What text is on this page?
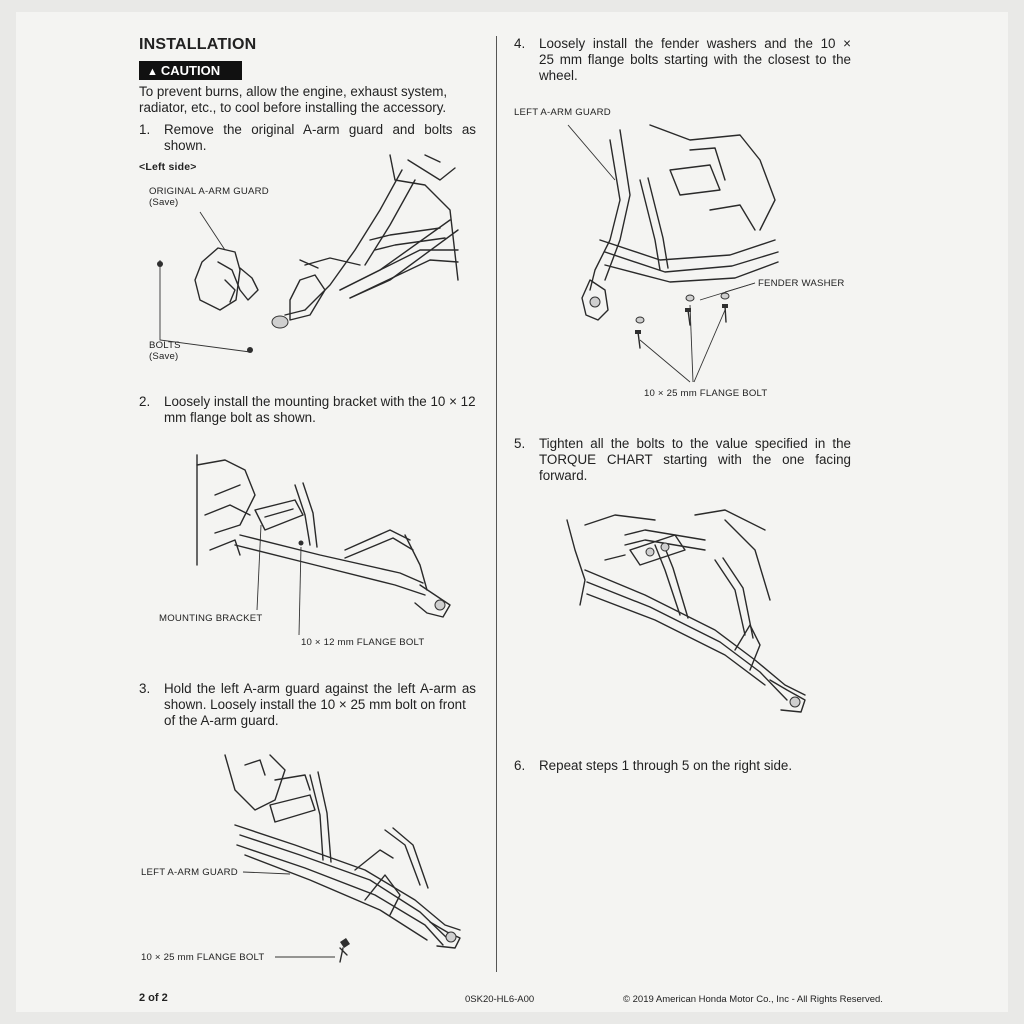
INSTALLATION
▲ CAUTION
To prevent burns, allow the engine, exhaust system,
radiator, etc., to cool before installing the accessory.
1. Remove the original A-arm guard and bolts as
shown.
<Left side>
ORIGINAL A-ARM GUARD
(Save)
BOLTS
(Save)
2. Loosely install the mounting bracket with the 10 × 12
mm flange bolt as shown.
MOUNTING BRACKET
10 × 12 mm FLANGE BOLT
3. Hold the left A-arm guard against the left A-arm as
shown. Loosely install the 10 × 25 mm bolt on front
of the A-arm guard.
LEFT A-ARM GUARD
10 × 25 mm FLANGE BOLT
4. Loosely install the fender washers and the 10 ×
25 mm flange bolts starting with the closest to the
wheel.
LEFT A-ARM GUARD
FENDER WASHER
10 × 25 mm FLANGE BOLT
5. Tighten all the bolts to the value specified in the
TORQUE CHART starting with the one facing
forward.
6. Repeat steps 1 through 5 on the right side.
2 of 2	0SK20-HL6-A00	© 2019 American Honda Motor Co., Inc - All Rights Reserved.
